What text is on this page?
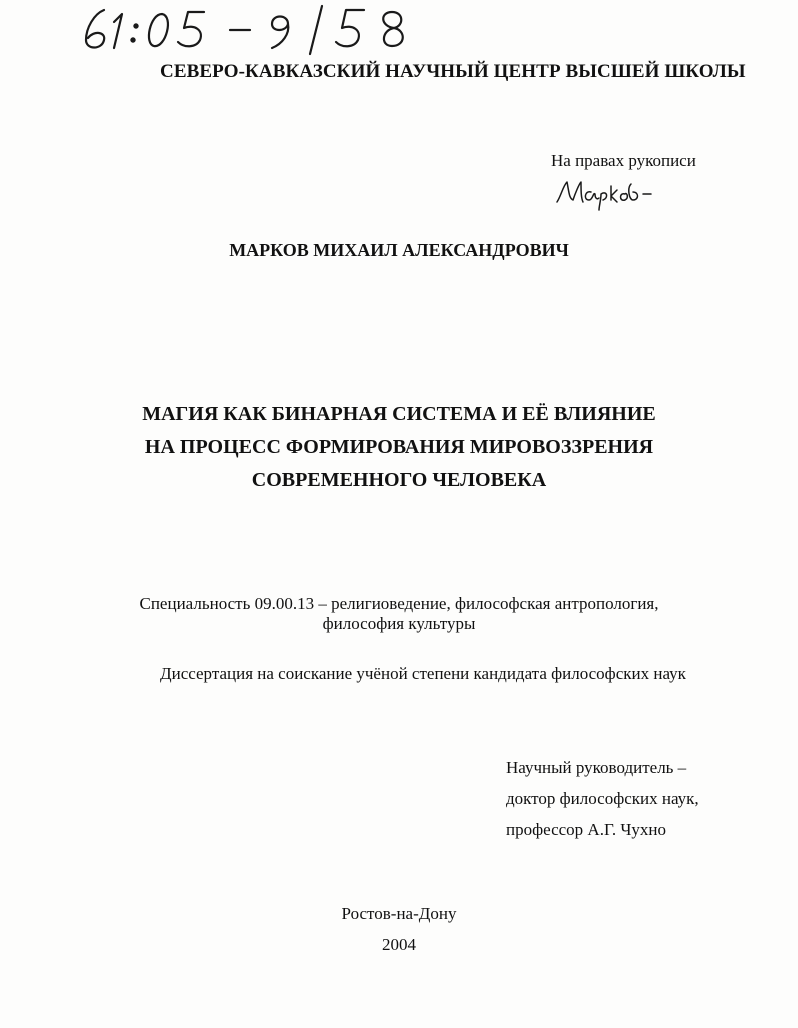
СЕВЕРО-КАВКАЗСКИЙ НАУЧНЫЙ ЦЕНТР ВЫСШЕЙ ШКОЛЫ
На правах рукописи
МАРКОВ МИХАИЛ АЛЕКСАНДРОВИЧ
МАГИЯ КАК БИНАРНАЯ СИСТЕМА И ЕЁ ВЛИЯНИЕ
НА ПРОЦЕСС ФОРМИРОВАНИЯ МИРОВОЗЗРЕНИЯ
СОВРЕМЕННОГО ЧЕЛОВЕКА
Специальность 09.00.13 – религиоведение, философская антропология,
философия культуры
Диссертация на соискание учёной степени кандидата философских наук
Научный руководитель –
доктор философских наук,
профессор А.Г. Чухно
Ростов-на-Дону
2004
